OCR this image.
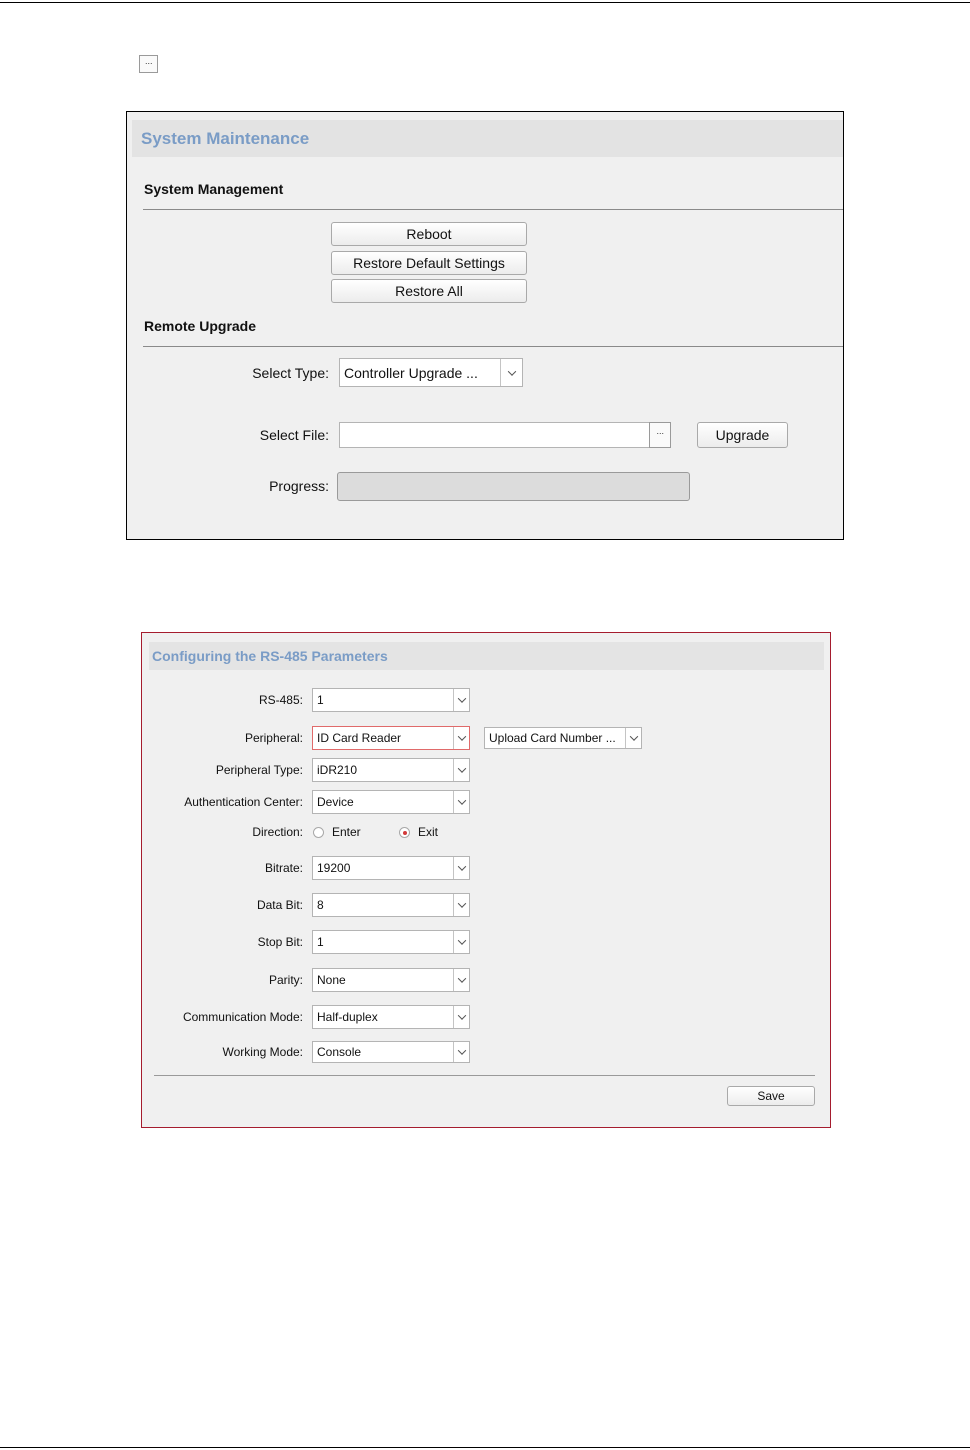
···
System Maintenance
System Management
Reboot
Restore Default Settings
Restore All
Remote Upgrade
Select Type: Controller Upgrade ...
Select File:	···	Upgrade
Progress:
Configuring the RS-485 Parameters
RS-485: 1
Peripheral: ID Card Reader	Upload Card Number ...
Peripheral Type: iDR210
Authentication Center: Device
Direction: Enter	Exit
Bitrate: 19200
Data Bit: 8
Stop Bit: 1
Parity: None
Communication Mode: Half-duplex
Working Mode: Console
Save
